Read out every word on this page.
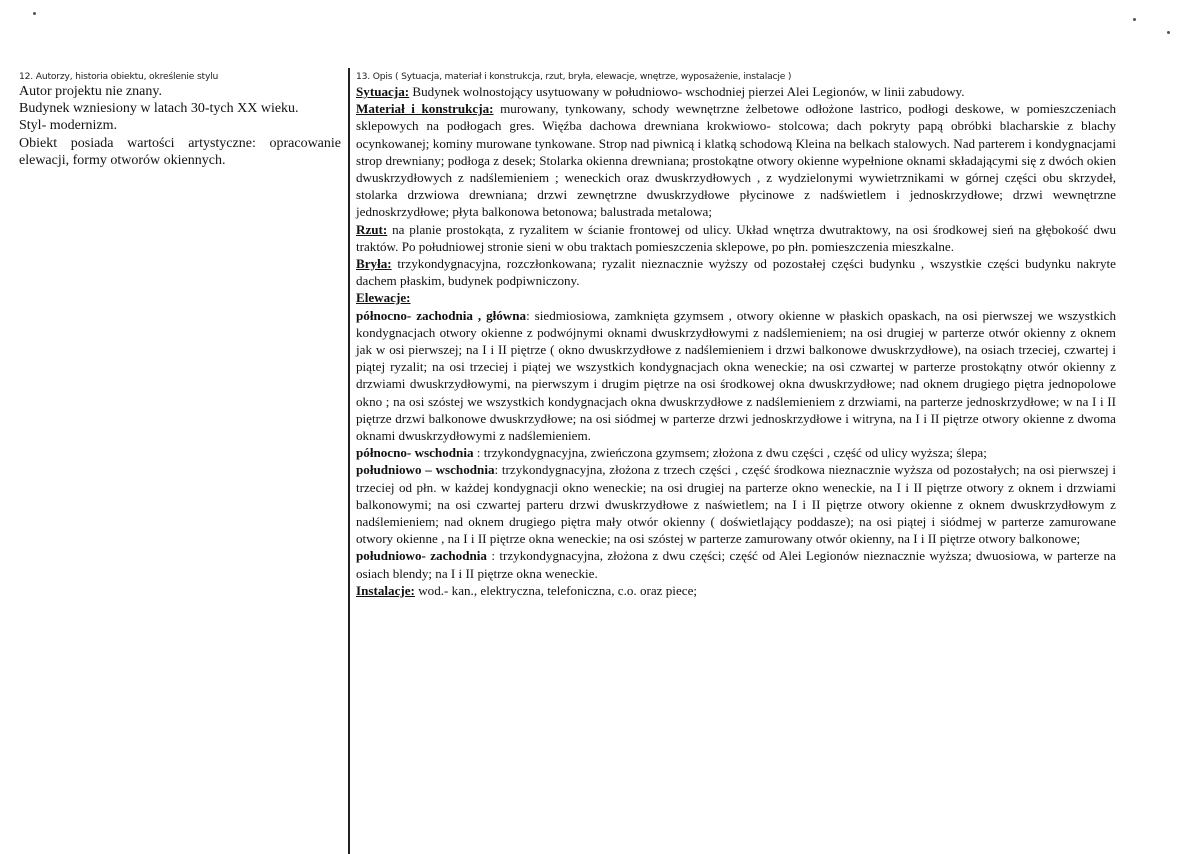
12. Autorzy, historia obiektu, określenie stylu

Autor projektu nie znany.

Budynek wzniesiony w latach 30-tych XX wieku.

Styl- modernizm.

Obiekt posiada wartości artystyczne: opracowanie elewacji, formy otworów okiennych.

13. Opis ( Sytuacja, materiał i konstrukcja, rzut, bryła, elewacje, wnętrze, wyposażenie, instalacje )

Sytuacja: Budynek wolnostojący usytuowany w południowo- wschodniej pierzei Alei Legionów, w linii zabudowy.

Materiał i konstrukcja: murowany, tynkowany, schody wewnętrzne żelbetowe odłożone lastrico, podłogi deskowe, w pomieszczeniach sklepowych na podłogach gres. Więźba dachowa drewniana krokwiowo- stolcowa; dach pokryty papą obróbki blacharskie z blachy ocynkowanej; kominy murowane tynkowane. Strop nad piwnicą i klatką schodową Kleina na belkach stalowych. Nad parterem i kondygnacjami strop drewniany; podłoga z desek; Stolarka okienna drewniana; prostokątne otwory okienne wypełnione oknami składającymi się z dwóch okien dwuskrzydłowych z nadślemieniem ; weneckich oraz dwuskrzydłowych , z wydzielonymi wywietrznikami w górnej części obu skrzydeł, stolarka drzwiowa drewniana; drzwi zewnętrzne dwuskrzydłowe płycinowe z nadświetlem i jednoskrzydłowe; drzwi wewnętrzne jednoskrzydłowe; płyta balkonowa betonowa; balustrada metalowa;

Rzut: na planie prostokąta, z ryzalitem w ścianie frontowej od ulicy. Układ wnętrza dwutraktowy, na osi środkowej sień na głębokość dwu traktów. Po południowej stronie sieni w obu traktach pomieszczenia sklepowe, po płn. pomieszczenia mieszkalne.

Bryła: trzykondygnacyjna, rozczłonkowana; ryzalit nieznacznie wyższy od pozostałej części budynku , wszystkie części budynku nakryte dachem płaskim, budynek podpiwniczony.

Elewacje:

północno- zachodnia , główna: siedmiosiowa, zamknięta gzymsem , otwory okienne w płaskich opaskach, na osi pierwszej we wszystkich kondygnacjach otwory okienne z podwójnymi oknami dwuskrzydłowymi z nadślemieniem; na osi drugiej w parterze otwór okienny z oknem jak w osi pierwszej; na I i II piętrze ( okno dwuskrzydłowe z nadślemieniem i drzwi balkonowe dwuskrzydłowe), na osiach trzeciej, czwartej i piątej ryzalit; na osi trzeciej i piątej we wszystkich kondygnacjach okna weneckie; na osi czwartej w parterze prostokątny otwór okienny z drzwiami dwuskrzydłowymi, na pierwszym i drugim piętrze na osi środkowej okna dwuskrzydłowe; nad oknem drugiego piętra jednopolowe okno ; na osi szóstej we wszystkich kondygnacjach okna dwuskrzydłowe z nadślemieniem z drzwiami, na parterze jednoskrzydłowe; w na I i II piętrze drzwi balkonowe dwuskrzydłowe; na osi siódmej w parterze drzwi jednoskrzydłowe i witryna, na I i II piętrze otwory okienne z dwoma oknami dwuskrzydłowymi z nadślemieniem.

północno- wschodnia : trzykondygnacyjna, zwieńczona gzymsem; złożona z dwu części , część od ulicy wyższa; ślepa;

południowo – wschodnia: trzykondygnacyjna, złożona z trzech części , część środkowa nieznacznie wyższa od pozostałych; na osi pierwszej i trzeciej od płn. w każdej kondygnacji okno weneckie; na osi drugiej na parterze okno weneckie, na I i II piętrze otwory z oknem i drzwiami balkonowymi; na osi czwartej parteru drzwi dwuskrzydłowe z naświetlem; na I i II piętrze otwory okienne z oknem dwuskrzydłowym z nadślemieniem; nad oknem drugiego piętra mały otwór okienny ( doświetlający poddasze); na osi piątej i siódmej w parterze zamurowane otwory okienne , na I i II piętrze okna weneckie; na osi szóstej w parterze zamurowany otwór okienny, na I i II piętrze otwory balkonowe;

południowo- zachodnia : trzykondygnacyjna, złożona z dwu części; część od Alei Legionów nieznacznie wyższa; dwuosiowa, w parterze na osiach blendy; na I i II piętrze okna weneckie.

Instalacje: wod.- kan., elektryczna, telefoniczna, c.o. oraz piece;
